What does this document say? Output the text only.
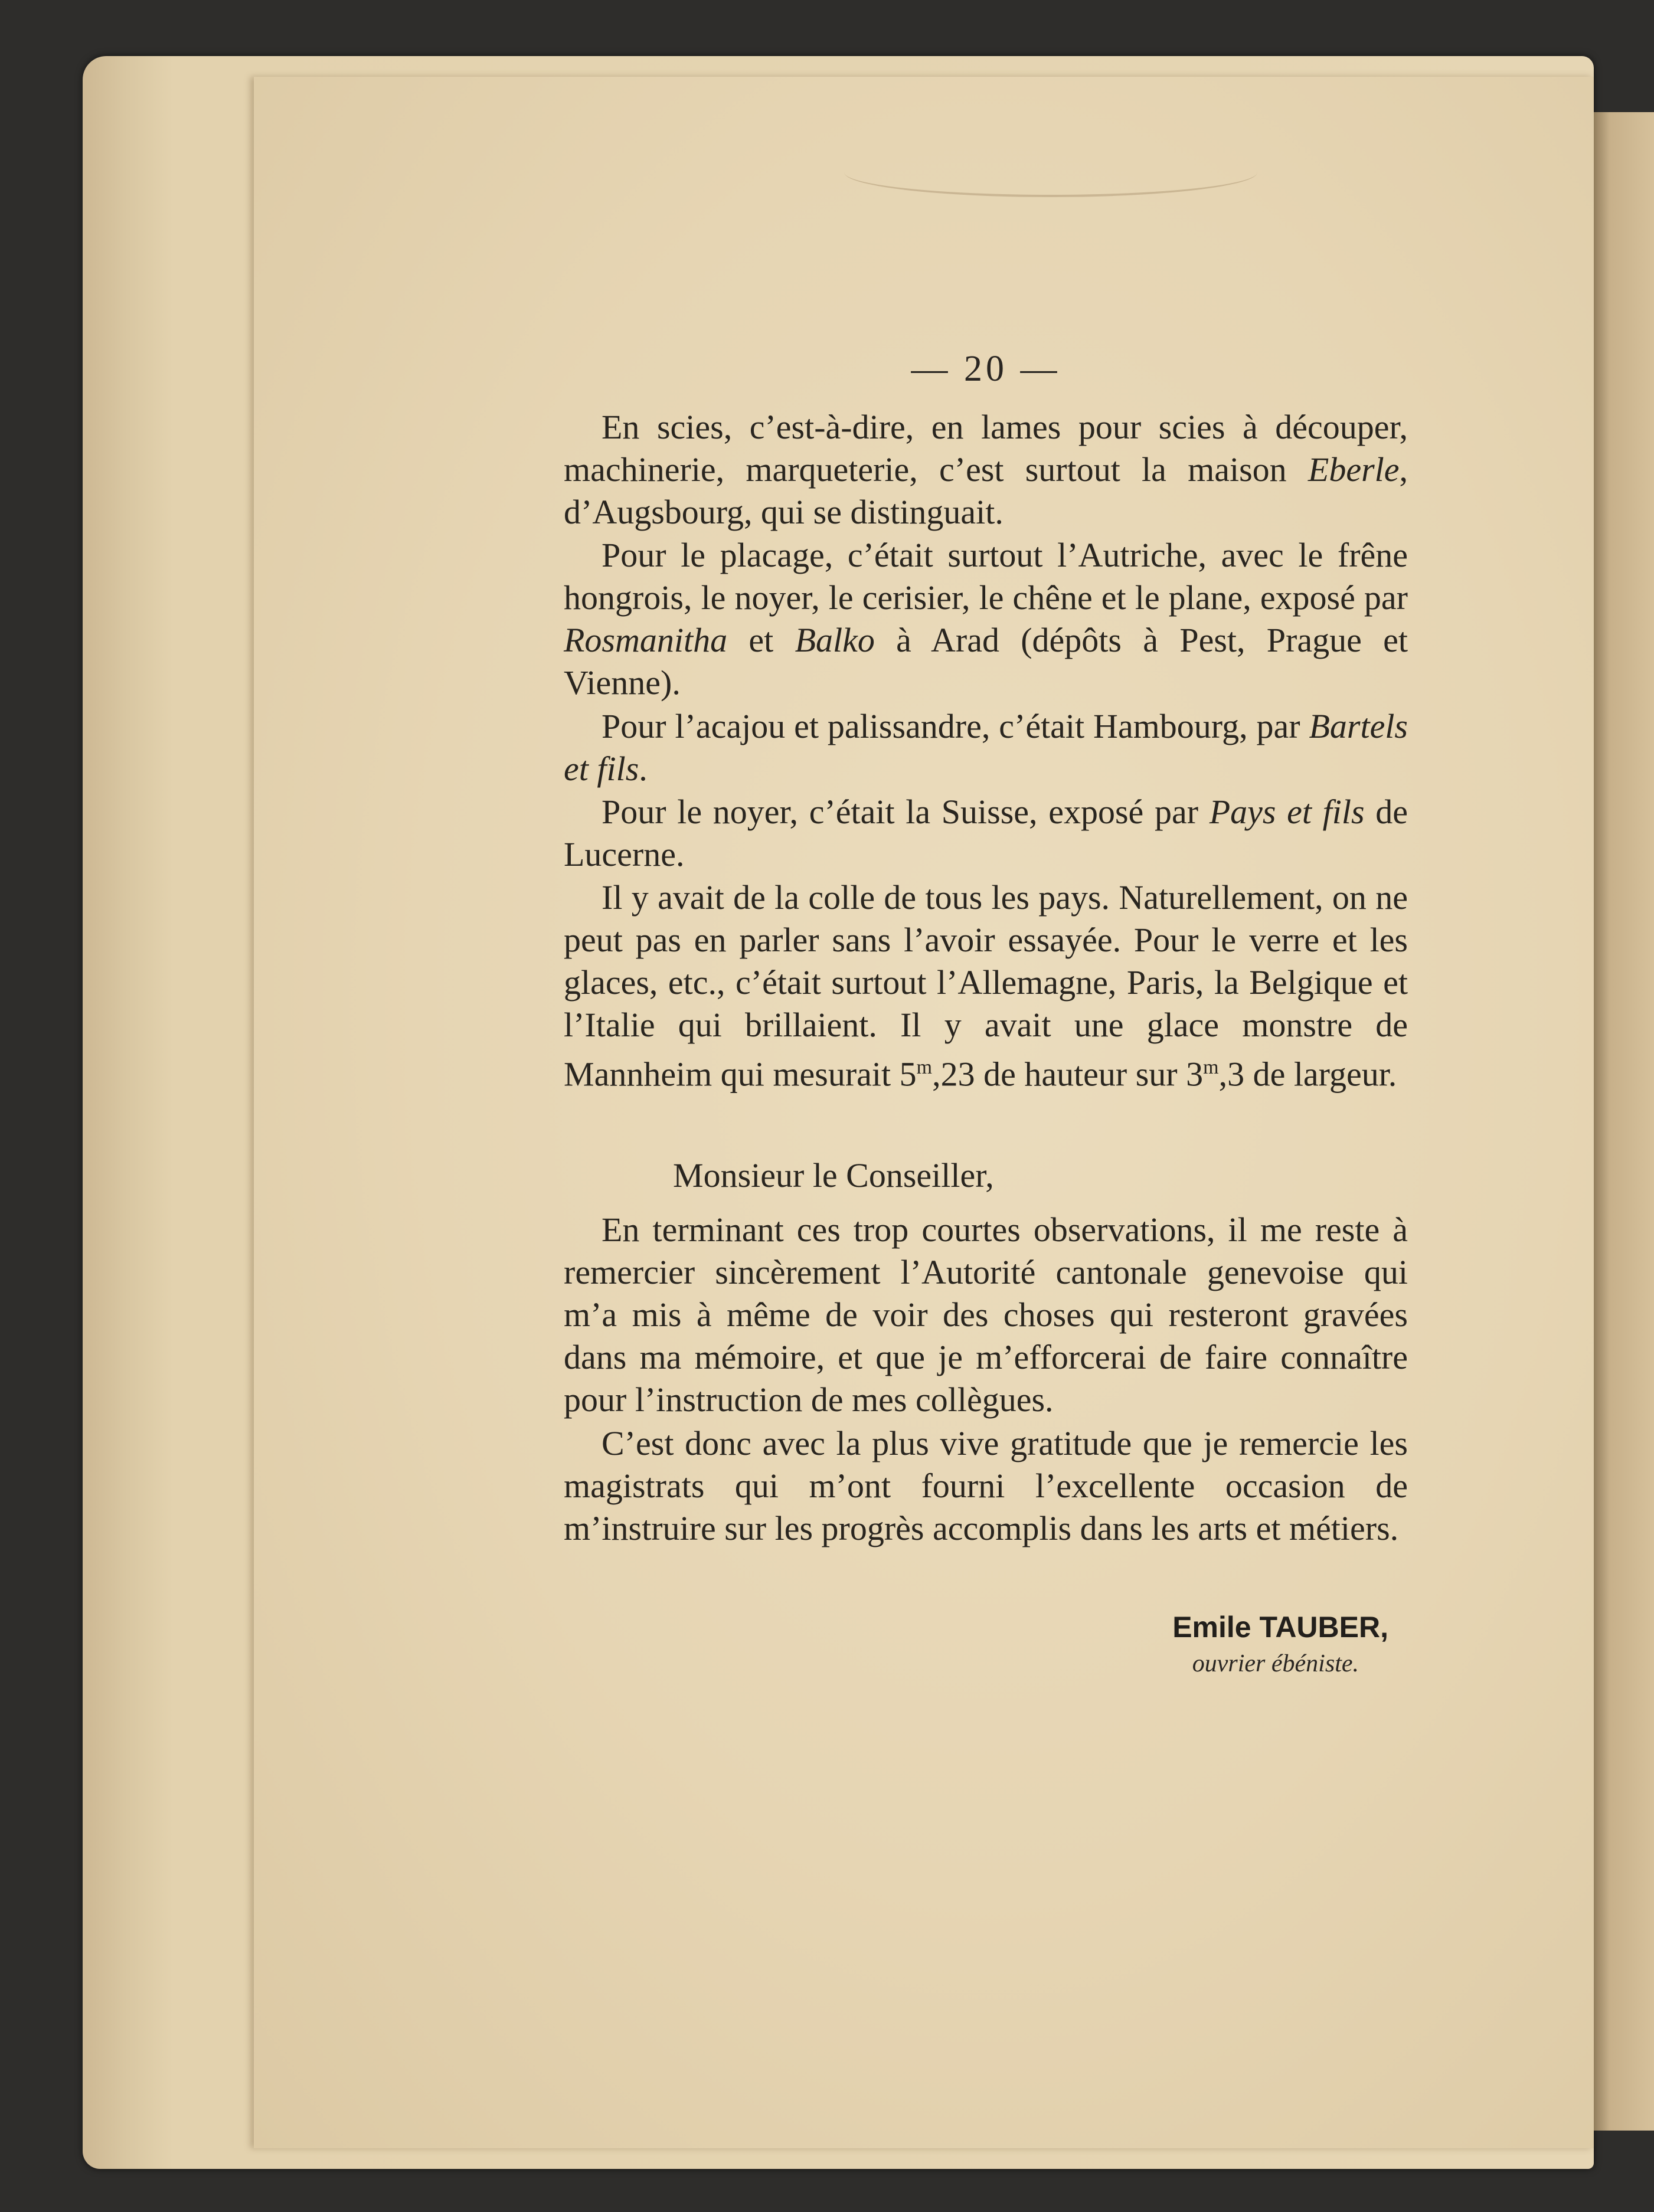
— 20 —

En scies, c’est-à-dire, en lames pour scies à découper, machinerie, marqueterie, c’est surtout la maison Eberle, d’Augsbourg, qui se distinguait.

Pour le placage, c’était surtout l’Autriche, avec le frêne hongrois, le noyer, le cerisier, le chêne et le plane, exposé par Rosmanitha et Balko à Arad (dépôts à Pest, Prague et Vienne).

Pour l’acajou et palissandre, c’était Hambourg, par Bartels et fils.

Pour le noyer, c’était la Suisse, exposé par Pays et fils de Lucerne.

Il y avait de la colle de tous les pays. Naturellement, on ne peut pas en parler sans l’avoir essayée. Pour le verre et les glaces, etc., c’était surtout l’Allemagne, Paris, la Belgique et l’Italie qui brillaient. Il y avait une glace monstre de Mannheim qui mesurait 5$^m$,23 de hauteur sur 3$^m$,3 de largeur.

Monsieur le Conseiller,

En terminant ces trop courtes observations, il me reste à remercier sincèrement l’Autorité cantonale genevoise qui m’a mis à même de voir des choses qui resteront gravées dans ma mémoire, et que je m’efforcerai de faire connaître pour l’instruction de mes collègues.

C’est donc avec la plus vive gratitude que je remercie les magistrats qui m’ont fourni l’excellente occasion de m’instruire sur les progrès accomplis dans les arts et métiers.

Emile TAUBER,
ouvrier ébéniste.
